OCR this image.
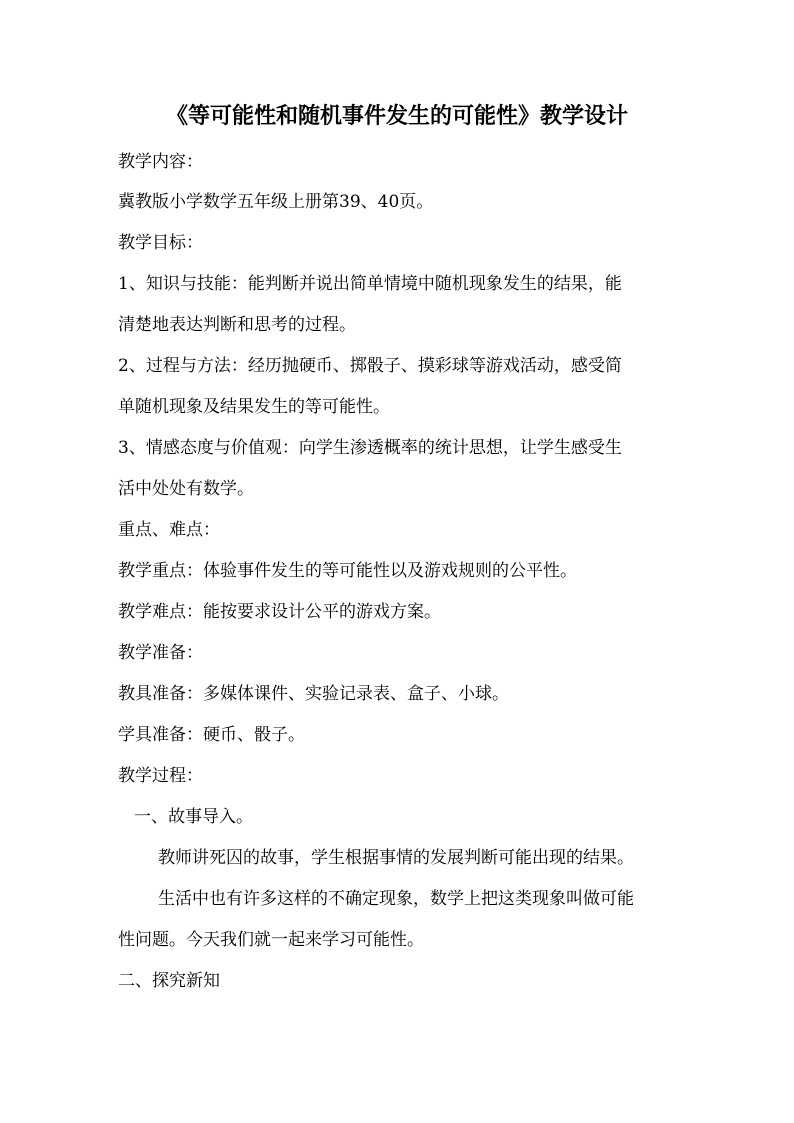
《等可能性和随机事件发生的可能性》教学设计

教学内容：

冀教版小学数学五年级上册第39、40页。

教学目标：

1、知识与技能：能判断并说出简单情境中随机现象发生的结果，能

清楚地表达判断和思考的过程。

2、过程与方法：经历抛硬币、掷骰子、摸彩球等游戏活动，感受简

单随机现象及结果发生的等可能性。

3、情感态度与价值观：向学生渗透概率的统计思想，让学生感受生

活中处处有数学。

重点、难点：

教学重点：体验事件发生的等可能性以及游戏规则的公平性。

教学难点：能按要求设计公平的游戏方案。

教学准备：

教具准备：多媒体课件、实验记录表、盒子、小球。

学具准备：硬币、骰子。

教学过程：

一、故事导入。

教师讲死囚的故事，学生根据事情的发展判断可能出现的结果。

生活中也有许多这样的不确定现象，数学上把这类现象叫做可能

性问题。今天我们就一起来学习可能性。

二、探究新知
